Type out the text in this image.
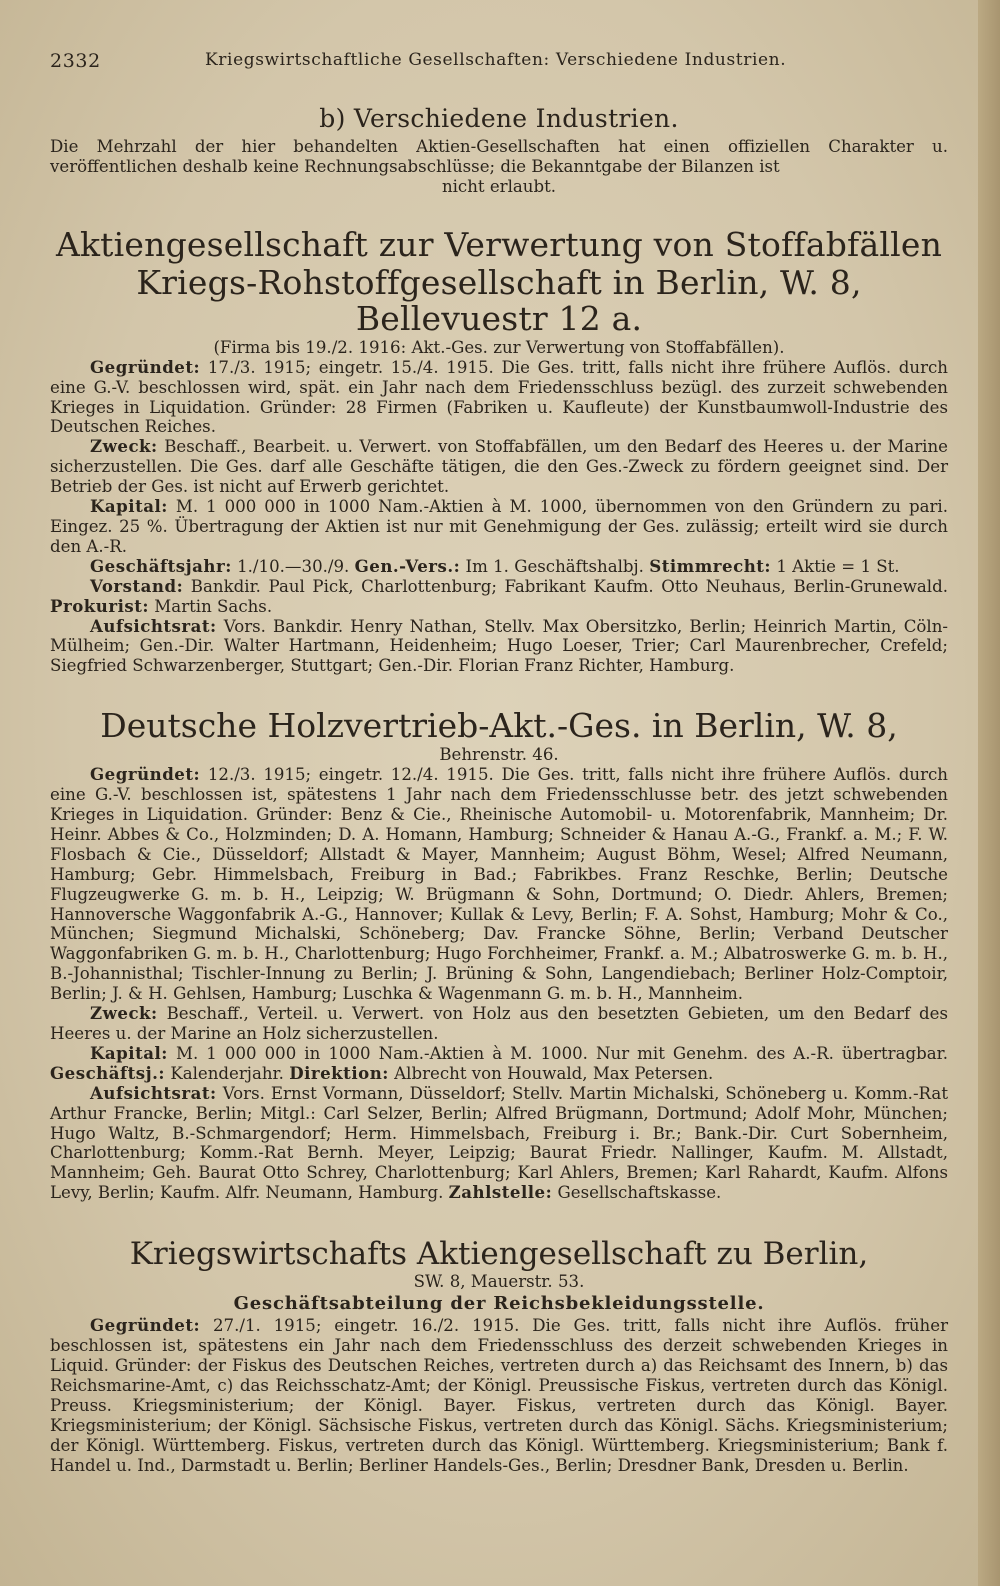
2332	Kriegswirtschaftliche Gesellschaften: Verschiedene Industrien.
b) Verschiedene Industrien.

Die Mehrzahl der hier behandelten Aktien-Gesellschaften hat einen offiziellen Charakter u. veröffentlichen deshalb keine Rechnungsabschlüsse; die Bekanntgabe der Bilanzen ist

nicht erlaubt.

Aktiengesellschaft zur Verwertung von Stoffabfällen
Kriegs-Rohstoffgesellschaft in Berlin, W. 8, Bellevuestr 12 a.
(Firma bis 19./2. 1916: Akt.-Ges. zur Verwertung von Stoffabfällen).

Gegründet: 17./3. 1915; eingetr. 15./4. 1915. Die Ges. tritt, falls nicht ihre frühere Auflös. durch eine G.-V. beschlossen wird, spät. ein Jahr nach dem Friedensschluss bezügl. des zurzeit schwebenden Krieges in Liquidation. Gründer: 28 Firmen (Fabriken u. Kaufleute) der Kunstbaumwoll-Industrie des Deutschen Reiches.

Zweck: Beschaff., Bearbeit. u. Verwert. von Stoffabfällen, um den Bedarf des Heeres u. der Marine sicherzustellen. Die Ges. darf alle Geschäfte tätigen, die den Ges.-Zweck zu fördern geeignet sind. Der Betrieb der Ges. ist nicht auf Erwerb gerichtet.

Kapital: M. 1 000 000 in 1000 Nam.-Aktien à M. 1000, übernommen von den Gründern zu pari. Eingez. 25 %. Übertragung der Aktien ist nur mit Genehmigung der Ges. zulässig; erteilt wird sie durch den A.-R.

Geschäftsjahr: 1./10.—30./9. Gen.-Vers.: Im 1. Geschäftshalbj. Stimmrecht: 1 Aktie = 1 St.

Vorstand: Bankdir. Paul Pick, Charlottenburg; Fabrikant Kaufm. Otto Neuhaus, Berlin-Grunewald. Prokurist: Martin Sachs.

Aufsichtsrat: Vors. Bankdir. Henry Nathan, Stellv. Max Obersitzko, Berlin; Heinrich Martin, Cöln-Mülheim; Gen.-Dir. Walter Hartmann, Heidenheim; Hugo Loeser, Trier; Carl Maurenbrecher, Crefeld; Siegfried Schwarzenberger, Stuttgart; Gen.-Dir. Florian Franz Richter, Hamburg.

Deutsche Holzvertrieb-Akt.-Ges. in Berlin, W. 8,
Behrenstr. 46.

Gegründet: 12./3. 1915; eingetr. 12./4. 1915. Die Ges. tritt, falls nicht ihre frühere Auflös. durch eine G.-V. beschlossen ist, spätestens 1 Jahr nach dem Friedensschlusse betr. des jetzt schwebenden Krieges in Liquidation. Gründer: Benz & Cie., Rheinische Automobil- u. Motorenfabrik, Mannheim; Dr. Heinr. Abbes & Co., Holzminden; D. A. Homann, Hamburg; Schneider & Hanau A.-G., Frankf. a. M.; F. W. Flosbach & Cie., Düsseldorf; Allstadt & Mayer, Mannheim; August Böhm, Wesel; Alfred Neumann, Hamburg; Gebr. Himmelsbach, Freiburg in Bad.; Fabrikbes. Franz Reschke, Berlin; Deutsche Flugzeugwerke G. m. b. H., Leipzig; W. Brügmann & Sohn, Dortmund; O. Diedr. Ahlers, Bremen; Hannoversche Waggonfabrik A.-G., Hannover; Kullak & Levy, Berlin; F. A. Sohst, Hamburg; Mohr & Co., München; Siegmund Michalski, Schöneberg; Dav. Francke Söhne, Berlin; Verband Deutscher Waggonfabriken G. m. b. H., Charlottenburg; Hugo Forchheimer, Frankf. a. M.; Albatroswerke G. m. b. H., B.-Johannisthal; Tischler-Innung zu Berlin; J. Brüning & Sohn, Langendiebach; Berliner Holz-Comptoir, Berlin; J. & H. Gehlsen, Hamburg; Luschka & Wagenmann G. m. b. H., Mannheim.

Zweck: Beschaff., Verteil. u. Verwert. von Holz aus den besetzten Gebieten, um den Bedarf des Heeres u. der Marine an Holz sicherzustellen.

Kapital: M. 1 000 000 in 1000 Nam.-Aktien à M. 1000. Nur mit Genehm. des A.-R. übertragbar. Geschäftsj.: Kalenderjahr. Direktion: Albrecht von Houwald, Max Petersen.

Aufsichtsrat: Vors. Ernst Vormann, Düsseldorf; Stellv. Martin Michalski, Schöneberg u. Komm.-Rat Arthur Francke, Berlin; Mitgl.: Carl Selzer, Berlin; Alfred Brügmann, Dortmund; Adolf Mohr, München; Hugo Waltz, B.-Schmargendorf; Herm. Himmelsbach, Freiburg i. Br.; Bank.-Dir. Curt Sobernheim, Charlottenburg; Komm.-Rat Bernh. Meyer, Leipzig; Baurat Friedr. Nallinger, Kaufm. M. Allstadt, Mannheim; Geh. Baurat Otto Schrey, Charlottenburg; Karl Ahlers, Bremen; Karl Rahardt, Kaufm. Alfons Levy, Berlin; Kaufm. Alfr. Neumann, Hamburg. Zahlstelle: Gesellschaftskasse.

Kriegswirtschafts Aktiengesellschaft zu Berlin,
SW. 8, Mauerstr. 53.
Geschäftsabteilung der Reichsbekleidungsstelle.

Gegründet: 27./1. 1915; eingetr. 16./2. 1915. Die Ges. tritt, falls nicht ihre Auflös. früher beschlossen ist, spätestens ein Jahr nach dem Friedensschluss des derzeit schwebenden Krieges in Liquid. Gründer: der Fiskus des Deutschen Reiches, vertreten durch a) das Reichsamt des Innern, b) das Reichsmarine-Amt, c) das Reichsschatz-Amt; der Königl. Preussische Fiskus, vertreten durch das Königl. Preuss. Kriegsministerium; der Königl. Bayer. Fiskus, vertreten durch das Königl. Bayer. Kriegsministerium; der Königl. Sächsische Fiskus, vertreten durch das Königl. Sächs. Kriegsministerium; der Königl. Württemberg. Fiskus, vertreten durch das Königl. Württemberg. Kriegsministerium; Bank f. Handel u. Ind., Darmstadt u. Berlin; Berliner Handels-Ges., Berlin; Dresdner Bank, Dresden u. Berlin.
